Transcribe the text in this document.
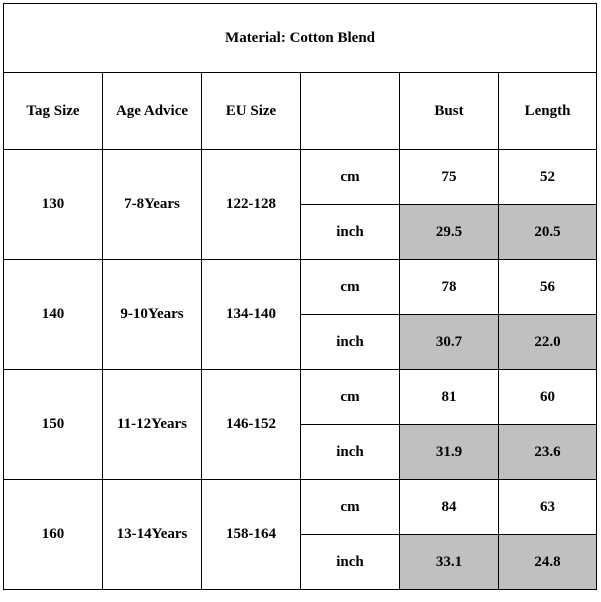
Material: Cotton Blend					
Tag Size	Age Advice	EU Size		Bust	Length
130	7-8Years	122-128	cm	75	52
			inch	29.5	20.5
140	9-10Years	134-140	cm	78	56
			inch	30.7	22.0
150	11-12Years	146-152	cm	81	60
			inch	31.9	23.6
160	13-14Years	158-164	cm	84	63
			inch	33.1	24.8
